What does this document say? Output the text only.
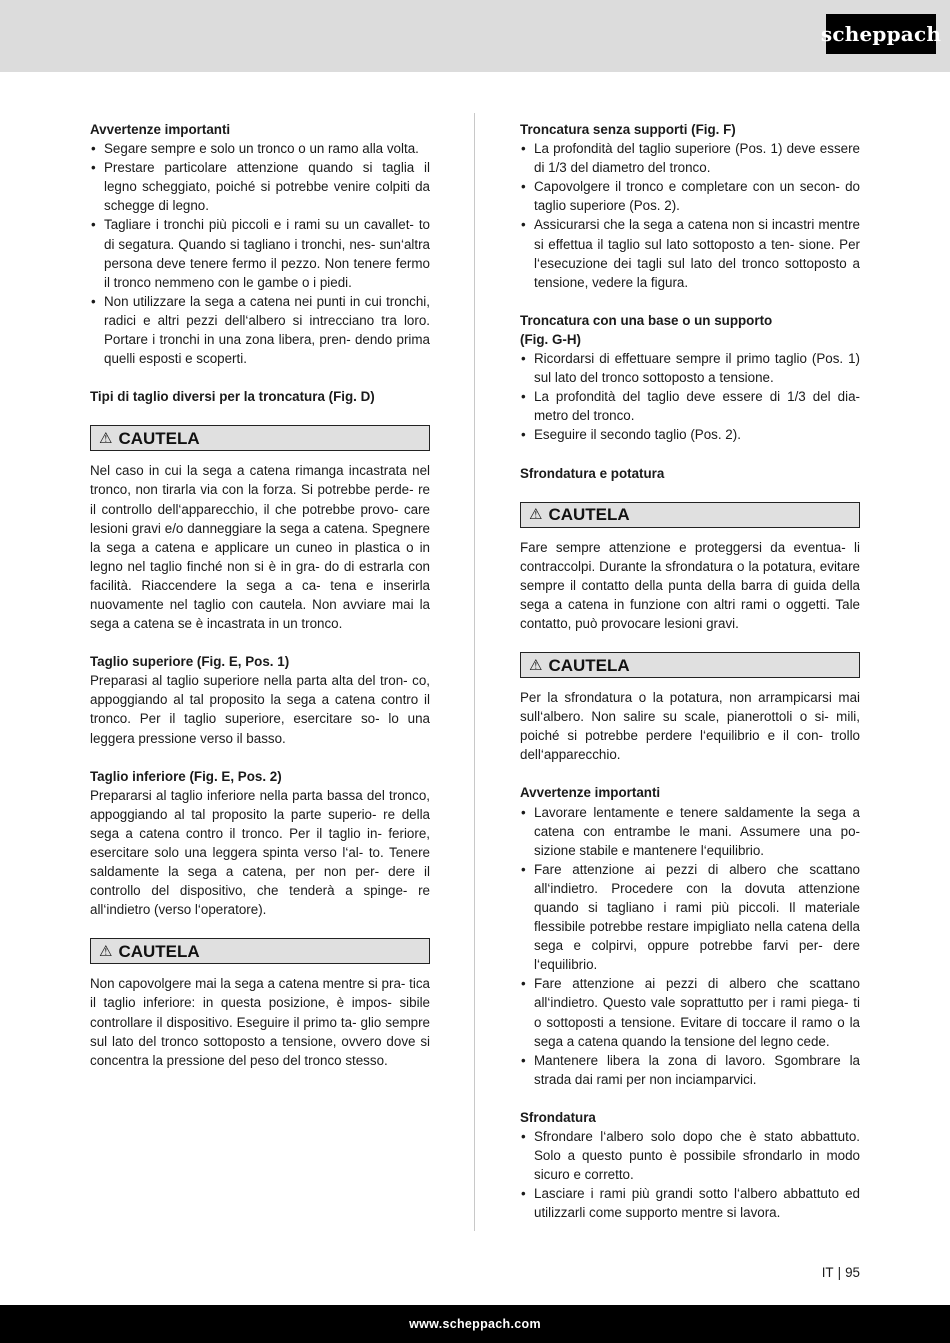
scheppach
Avvertenze importanti
• Segare sempre e solo un tronco o un ramo alla volta.
• Prestare particolare attenzione quando si taglia il legno scheggiato, poiché si potrebbe venire colpiti da schegge di legno.
• Tagliare i tronchi più piccoli e i rami su un cavallet- to di segatura. Quando si tagliano i tronchi, nes- sun‘altra persona deve tenere fermo il pezzo. Non tenere fermo il tronco nemmeno con le gambe o i piedi.
• Non utilizzare la sega a catena nei punti in cui tronchi, radici e altri pezzi dell‘albero si intrecciano tra loro. Portare i tronchi in una zona libera, pren- dendo prima quelli esposti e scoperti.
Tipi di taglio diversi per la troncatura (Fig. D)
⚠ CAUTELA

Nel caso in cui la sega a catena rimanga incastrata nel tronco, non tirarla via con la forza. Si potrebbe perde- re il controllo dell‘apparecchio, il che potrebbe provo- care lesioni gravi e/o danneggiare la sega a catena. Spegnere la sega a catena e applicare un cuneo in plastica o in legno nel taglio finché non si è in gra- do di estrarla con facilità. Riaccendere la sega a ca- tena e inserirla nuovamente nel taglio con cautela. Non avviare mai la sega a catena se è incastrata in un tronco.

Taglio superiore (Fig. E, Pos. 1)

Preparasi al taglio superiore nella parta alta del tron- co, appoggiando al tal proposito la sega a catena contro il tronco. Per il taglio superiore, esercitare so- lo una leggera pressione verso il basso.

Taglio inferiore (Fig. E, Pos. 2)

Prepararsi al taglio inferiore nella parta bassa del tronco, appoggiando al tal proposito la parte superio- re della sega a catena contro il tronco. Per il taglio in- feriore, esercitare solo una leggera spinta verso l‘al- to. Tenere saldamente la sega a catena, per non per- dere il controllo del dispositivo, che tenderà a spinge- re all‘indietro (verso l‘operatore).

⚠ CAUTELA

Non capovolgere mai la sega a catena mentre si pra- tica il taglio inferiore: in questa posizione, è impos- sibile controllare il dispositivo. Eseguire il primo ta- glio sempre sul lato del tronco sottoposto a tensione, ovvero dove si concentra la pressione del peso del tronco stesso.

Troncatura senza supporti (Fig. F)
• La profondità del taglio superiore (Pos. 1) deve essere di 1/3 del diametro del tronco.
• Capovolgere il tronco e completare con un secon- do taglio superiore (Pos. 2).
• Assicurarsi che la sega a catena non si incastri mentre si effettua il taglio sul lato sottoposto a ten- sione. Per l‘esecuzione dei tagli sul lato del tronco sottoposto a tensione, vedere la figura.
Troncatura con una base o un supporto
(Fig. G-H)
• Ricordarsi di effettuare sempre il primo taglio (Pos. 1) sul lato del tronco sottoposto a tensione.
• La profondità del taglio deve essere di 1/3 del dia- metro del tronco.
• Eseguire il secondo taglio (Pos. 2).
Sfrondatura e potatura
⚠ CAUTELA

Fare sempre attenzione e proteggersi da eventua- li contraccolpi. Durante la sfrondatura o la potatura, evitare sempre il contatto della punta della barra di guida della sega a catena in funzione con altri rami o oggetti. Tale contatto, può provocare lesioni gravi.

⚠ CAUTELA

Per la sfrondatura o la potatura, non arrampicarsi mai sull‘albero. Non salire su scale, pianerottoli o si- mili, poiché si potrebbe perdere l‘equilibrio e il con- trollo dell‘apparecchio.

Avvertenze importanti
• Lavorare lentamente e tenere saldamente la sega a catena con entrambe le mani. Assumere una po- sizione stabile e mantenere l‘equilibrio.
• Fare attenzione ai pezzi di albero che scattano all‘indietro. Procedere con la dovuta attenzione quando si tagliano i rami più piccoli. Il materiale flessibile potrebbe restare impigliato nella catena della sega e colpirvi, oppure potrebbe farvi per- dere l‘equilibrio.
• Fare attenzione ai pezzi di albero che scattano all‘indietro. Questo vale soprattutto per i rami piega- ti o sottoposti a tensione. Evitare di toccare il ramo o la sega a catena quando la tensione del legno cede.
• Mantenere libera la zona di lavoro. Sgombrare la strada dai rami per non inciamparvici.
Sfrondatura
• Sfrondare l‘albero solo dopo che è stato abbattuto. Solo a questo punto è possibile sfrondarlo in modo sicuro e corretto.
• Lasciare i rami più grandi sotto l‘albero abbattuto ed utilizzarli come supporto mentre si lavora.
IT | 95
www.scheppach.com
